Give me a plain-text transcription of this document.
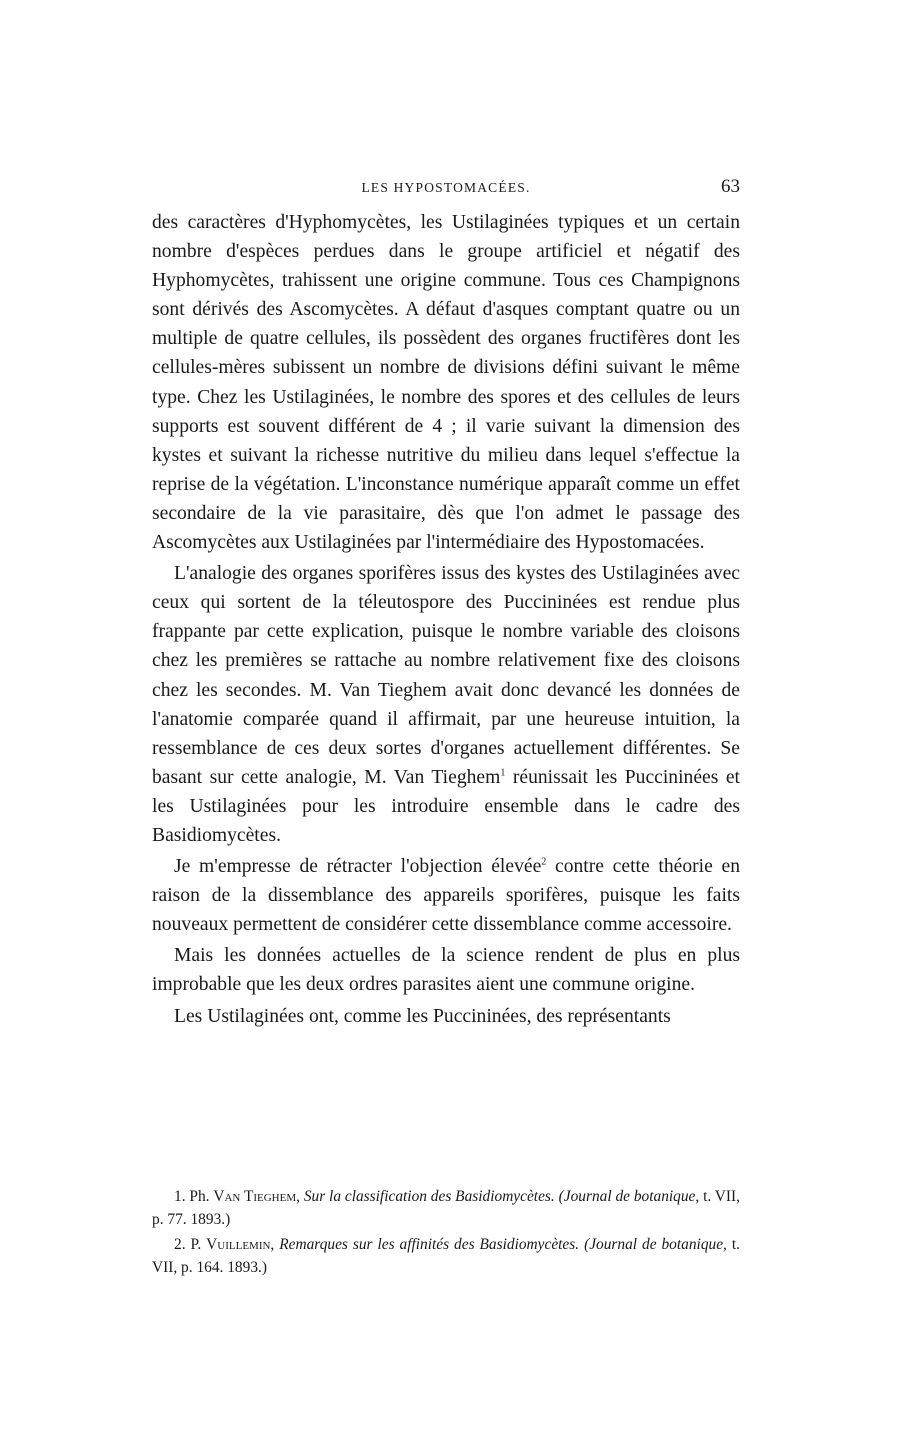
LES HYPOSTOMACÉES.	63

des caractères d'Hyphomycètes, les Ustilaginées typiques et un certain nombre d'espèces perdues dans le groupe artificiel et négatif des Hyphomycètes, trahissent une origine commune. Tous ces Champignons sont dérivés des Ascomycètes. A défaut d'asques comptant quatre ou un multiple de quatre cellules, ils possèdent des organes fructifères dont les cellules-mères subissent un nombre de divisions défini suivant le même type. Chez les Ustilaginées, le nombre des spores et des cellules de leurs supports est souvent différent de 4 ; il varie suivant la dimension des kystes et suivant la richesse nutritive du milieu dans lequel s'effectue la reprise de la végétation. L'inconstance numérique apparaît comme un effet secondaire de la vie parasitaire, dès que l'on admet le passage des Ascomycètes aux Ustilaginées par l'intermédiaire des Hypostomacées.

L'analogie des organes sporifères issus des kystes des Ustilaginées avec ceux qui sortent de la téleutospore des Puccininées est rendue plus frappante par cette explication, puisque le nombre variable des cloisons chez les premières se rattache au nombre relativement fixe des cloisons chez les secondes. M. Van Tieghem avait donc devancé les données de l'anatomie comparée quand il affirmait, par une heureuse intuition, la ressemblance de ces deux sortes d'organes actuellement différentes. Se basant sur cette analogie, M. Van Tieghem$^1$ réunissait les Puccininées et les Ustilaginées pour les introduire ensemble dans le cadre des Basidiomycètes.

Je m'empresse de rétracter l'objection élevée$^2$ contre cette théorie en raison de la dissemblance des appareils sporifères, puisque les faits nouveaux permettent de considérer cette dissemblance comme accessoire.

Mais les données actuelles de la science rendent de plus en plus improbable que les deux ordres parasites aient une commune origine.

Les Ustilaginées ont, comme les Puccininées, des représentants

1. Ph. Van Tieghem, Sur la classification des Basidiomycètes. (Journal de botanique, t. VII, p. 77. 1893.)

2. P. Vuillemin, Remarques sur les affinités des Basidiomycètes. (Journal de botanique, t. VII, p. 164. 1893.)
